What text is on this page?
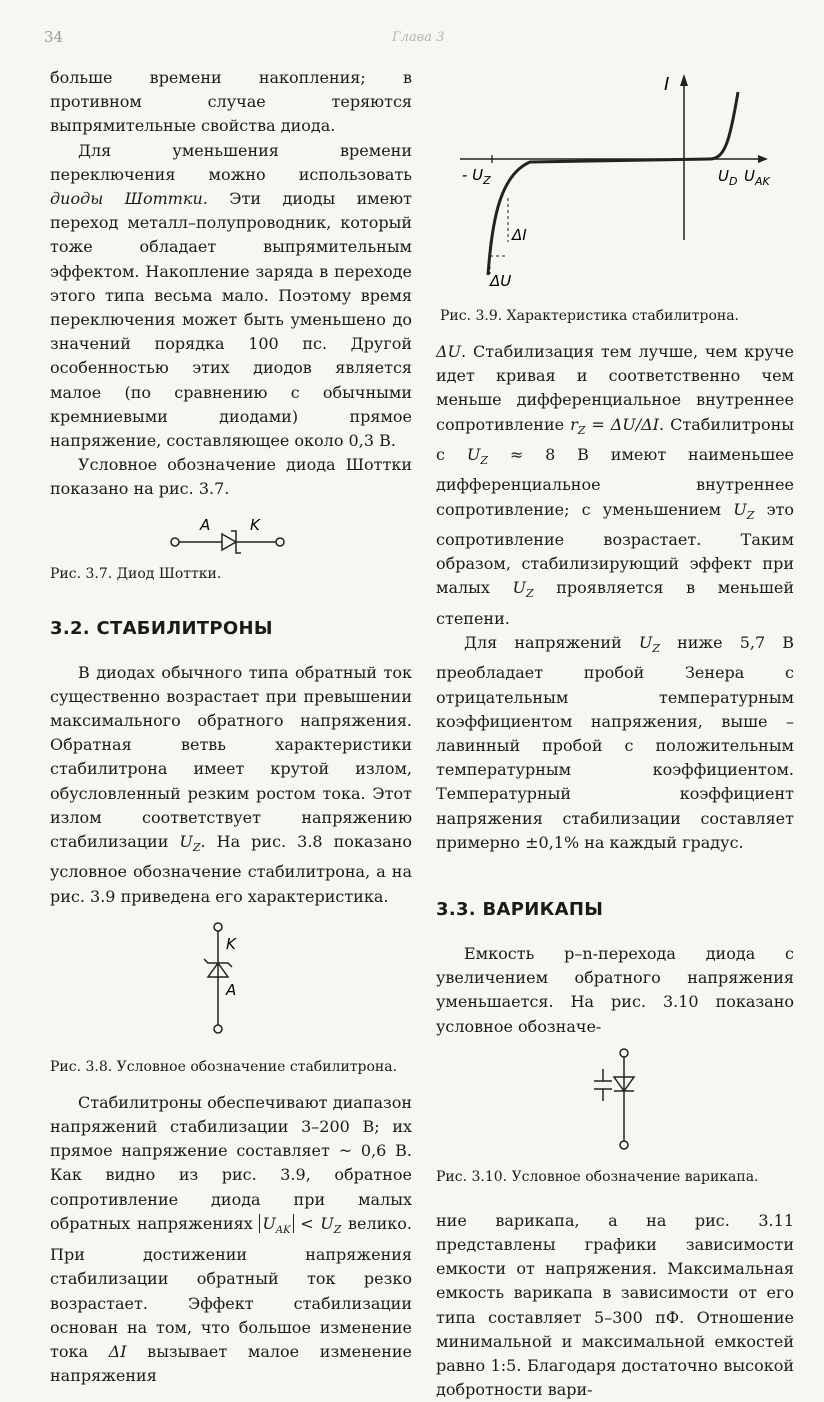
34	Глава 3

больше времени накопления; в противном случае теряются выпрямительные свойства диода.

Для уменьшения времени переключения можно использовать диоды Шоттки. Эти диоды имеют переход металл–полупроводник, который тоже обладает выпрямительным эффектом. Накопление заряда в переходе этого типа весьма мало. Поэтому время переключения может быть уменьшено до значений порядка 100 пс. Другой особенностью этих диодов является малое (по сравнению с обычными кремниевыми диодами) прямое напряжение, составляющее около 0,3 В.

Условное обозначение диода Шоттки показано на рис. 3.7.

A	K

Рис. 3.7. Диод Шоттки.

3.2. СТАБИЛИТРОНЫ

В диодах обычного типа обратный ток существенно возрастает при превышении максимального обратного напряжения. Обратная ветвь характеристики стабилитрона имеет крутой излом, обусловленный резким ростом тока. Этот излом соответствует напряжению стабилизации $U_Z$. На рис. 3.8 показано условное обозначение стабилитрона, а на рис. 3.9 приведена его характеристика.

K
A

Рис. 3.8. Условное обозначение стабилитрона.

Стабилитроны обеспечивают диапазон напряжений стабилизации 3–200 В; их прямое напряжение составляет ~ 0,6 В. Как видно из рис. 3.9, обратное сопротивление диода при малых обратных напряжениях $U_{AK} < U_Z$ велико. При достижении напряжения стабилизации обратный ток резко возрастает. Эффект стабилизации основан на том, что большое изменение тока ΔI вызывает малое изменение напряжения

I
- $U_Z$	$U_D$ $U_{AK}$
ΔI
ΔU

Рис. 3.9. Характеристика стабилитрона.

ΔU. Стабилизация тем лучше, чем круче идет кривая и соответственно чем меньше дифференциальное внутреннее сопротивление $r_Z = \Delta U/\Delta I$. Стабилитроны с $U_Z \approx 8$ В имеют наименьшее дифференциальное внутреннее сопротивление; с уменьшением $U_Z$ это сопротивление возрастает. Таким образом, стабилизирующий эффект при малых $U_Z$ проявляется в меньшей степени.

Для напряжений $U_Z$ ниже 5,7 В преобладает пробой Зенера с отрицательным температурным коэффициентом напряжения, выше – лавинный пробой с положительным температурным коэффициентом. Температурный коэффициент напряжения стабилизации составляет примерно ±0,1% на каждый градус.

3.3. ВАРИКАПЫ

Емкость p–n-перехода диода с увеличением обратного напряжения уменьшается. На рис. 3.10 показано условное обозначе-

Рис. 3.10. Условное обозначение варикапа.

ние варикапа, а на рис. 3.11 представлены графики зависимости емкости от напряжения. Максимальная емкость варикапа в зависимости от его типа составляет 5–300 пФ. Отношение минимальной и максимальной емкостей равно 1:5. Благодаря достаточно высокой добротности вари-
